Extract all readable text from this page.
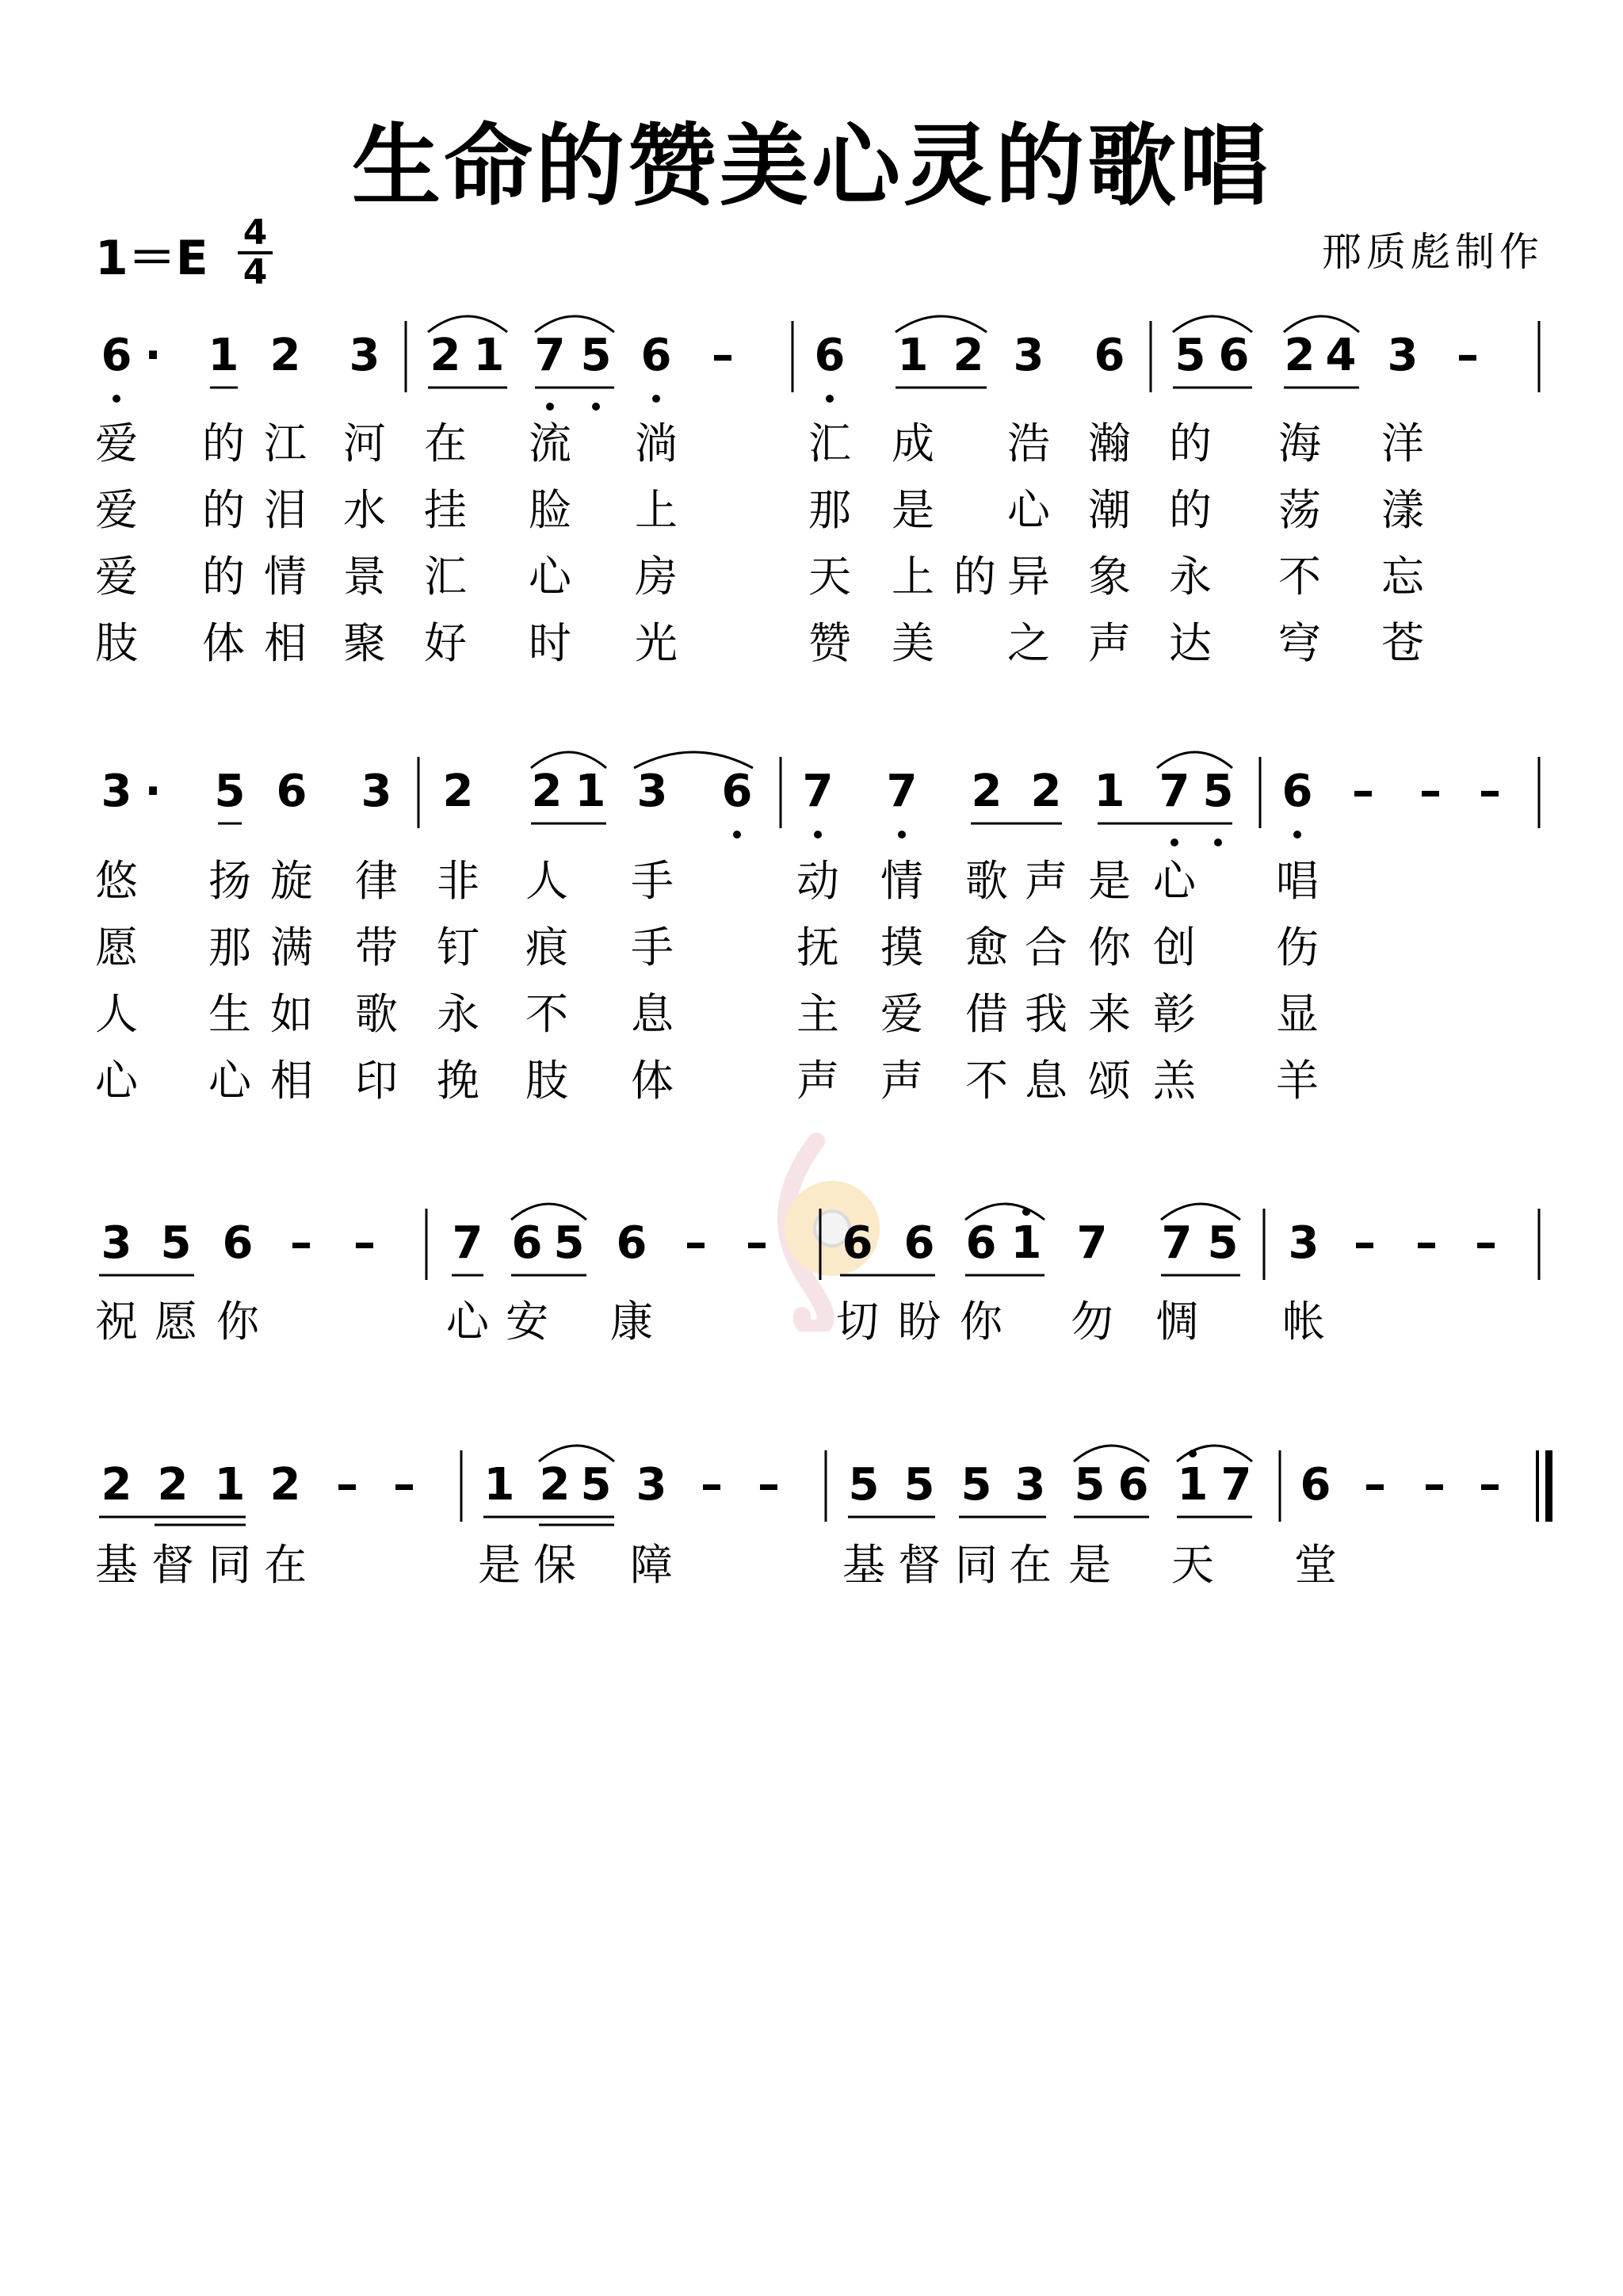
生命的赞美心灵的歌唱
1＝E 4
4	邢质彪制作
6 ·	1 2 3 2 1 7 5 6 – 6 1 2 3 6 5 6 2 4 3 –
爱 的 江 河 在 流 淌	汇 成 浩 瀚 的 海 洋
爱 的 泪 水 挂 脸 上	那 是 心 潮 的 荡 漾
爱 的 情 景 汇 心 房	天 上 的 异 象 永 不 忘
肢 体 相 聚 好 时 光	赞 美 之 声 达 穹 苍
3 ·	5 6 3 2 2 1 3 6 7 7 2 2 1 7 5 6 – – –
悠 扬 旋 律 非 人 手	动 情 歌 声 是 心 唱
愿 那 满 带 钉 痕 手	抚 摸 愈 合 你 创 伤
人 生 如 歌 永 不 息	主 爱 借 我 来 彰 显
心 心 相 印 挽 肢 体	声 声 不 息 颂 羔 羊
3 5 6 – – 7 6 5 6 – – 6 6 6 1 7 7 5 3 – – –
祝 愿 你	心 安 康	切 盼 你 勿 惆 帐
2 2 1 2 – – 1 2 5 3 – – 5 5 5 3 5 6 1 7 6 – – –
基 督 同 在	是 保 障	基 督 同 在 是 天 堂
